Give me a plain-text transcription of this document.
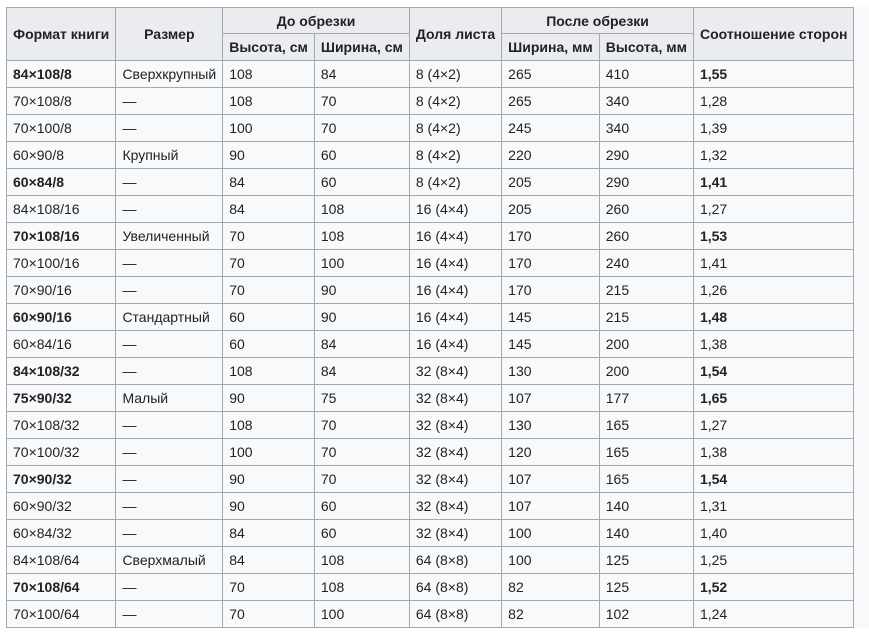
Формат книги	Размер	До обрезки		Доля листа	После обрезки		Соотношение сторон
		Высота, см	Ширина, см		Ширина, мм	Высота, мм	
84×108/8	Сверхкрупный	108	84	8 (4×2)	265	410	1,55
70×108/8	—	108	70	8 (4×2)	265	340	1,28
70×100/8	—	100	70	8 (4×2)	245	340	1,39
60×90/8	Крупный	90	60	8 (4×2)	220	290	1,32
60×84/8	—	84	60	8 (4×2)	205	290	1,41
84×108/16	—	84	108	16 (4×4)	205	260	1,27
70×108/16	Увеличенный	70	108	16 (4×4)	170	260	1,53
70×100/16	—	70	100	16 (4×4)	170	240	1,41
70×90/16	—	70	90	16 (4×4)	170	215	1,26
60×90/16	Стандартный	60	90	16 (4×4)	145	215	1,48
60×84/16	—	60	84	16 (4×4)	145	200	1,38
84×108/32	—	108	84	32 (8×4)	130	200	1,54
75×90/32	Малый	90	75	32 (8×4)	107	177	1,65
70×108/32	—	108	70	32 (8×4)	130	165	1,27
70×100/32	—	100	70	32 (8×4)	120	165	1,38
70×90/32	—	90	70	32 (8×4)	107	165	1,54
60×90/32	—	90	60	32 (8×4)	107	140	1,31
60×84/32	—	84	60	32 (8×4)	100	140	1,40
84×108/64	Сверхмалый	84	108	64 (8×8)	100	125	1,25
70×108/64	—	70	108	64 (8×8)	82	125	1,52
70×100/64	—	70	100	64 (8×8)	82	102	1,24
